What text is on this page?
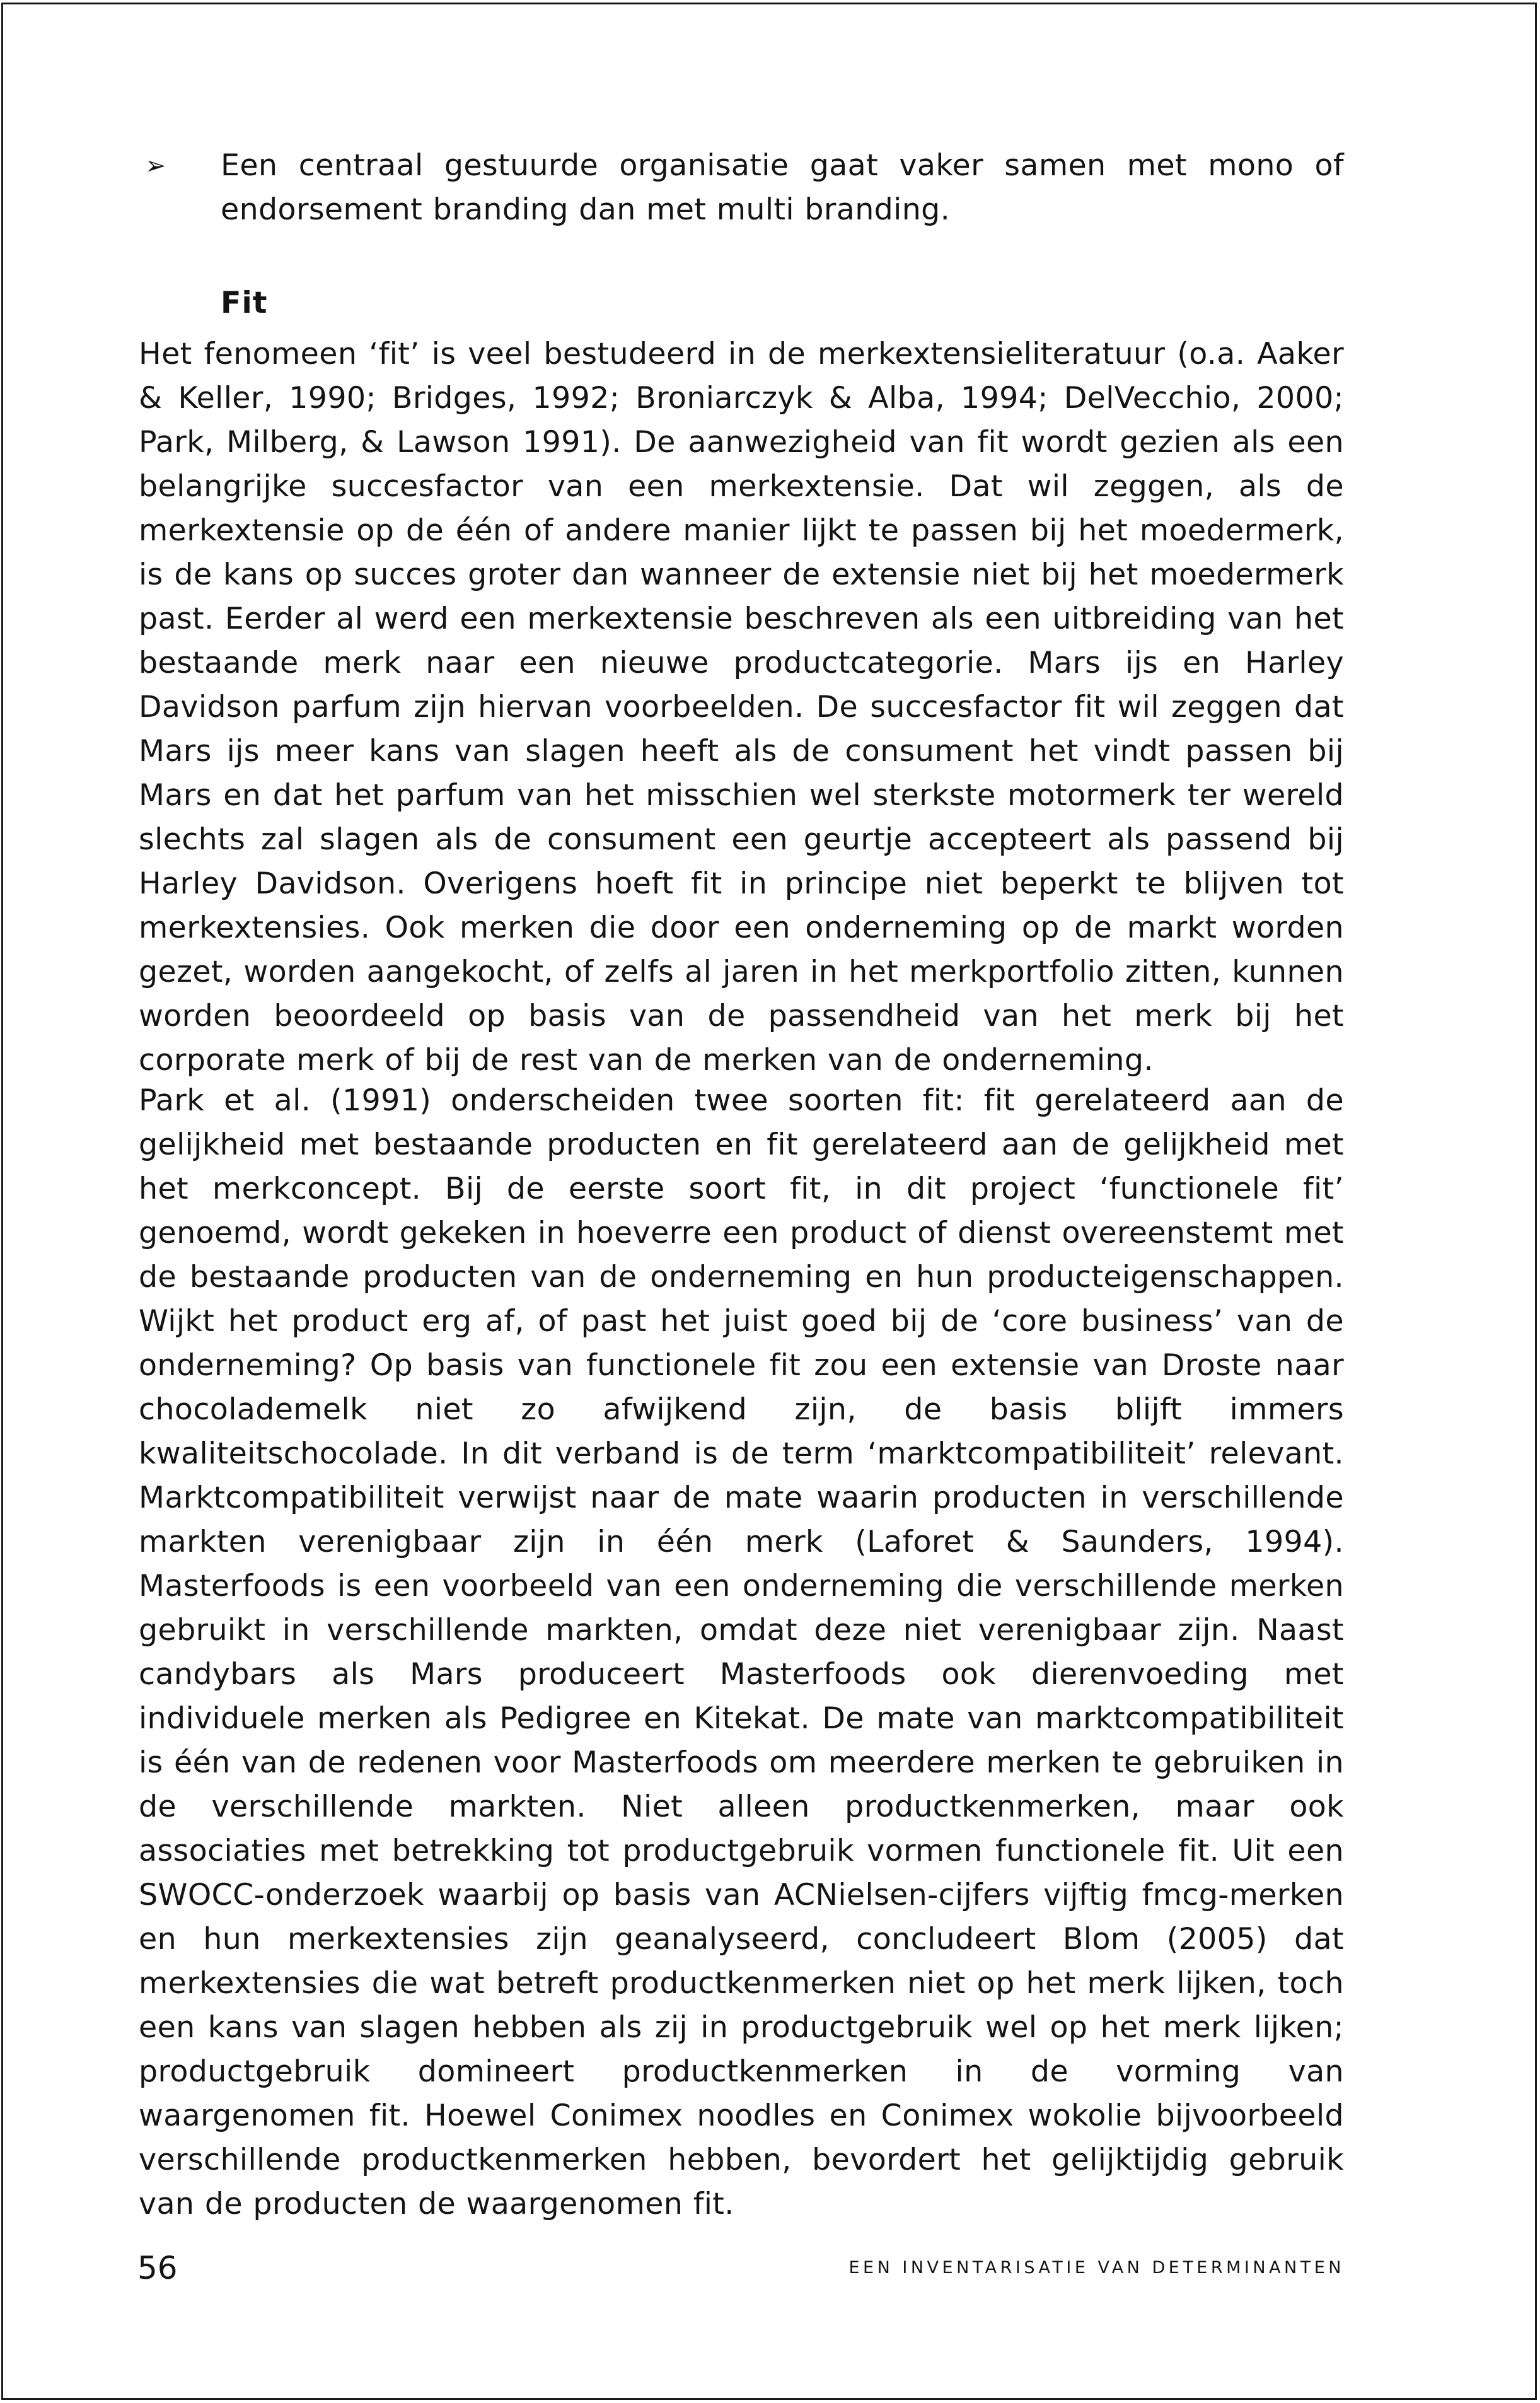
➢ Een centraal gestuurde organisatie gaat vaker samen met mono of endorsement branding dan met multi branding.

Fit

Het fenomeen ‘fit’ is veel bestudeerd in de merkextensieliteratuur (o.a. Aaker & Keller, 1990; Bridges, 1992; Broniarczyk & Alba, 1994; DelVecchio, 2000; Park, Milberg, & Lawson 1991). De aanwezigheid van fit wordt gezien als een belangrijke succesfactor van een merkextensie. Dat wil zeggen, als de merkextensie op de één of andere manier lijkt te passen bij het moedermerk, is de kans op succes groter dan wanneer de extensie niet bij het moedermerk past. Eerder al werd een merkextensie beschreven als een uitbreiding van het bestaande merk naar een nieuwe productcategorie. Mars ijs en Harley Davidson parfum zijn hiervan voorbeelden. De succesfactor fit wil zeggen dat Mars ijs meer kans van slagen heeft als de consument het vindt passen bij Mars en dat het parfum van het misschien wel sterkste motormerk ter wereld slechts zal slagen als de consument een geurtje accepteert als passend bij Harley Davidson. Overigens hoeft fit in principe niet beperkt te blijven tot merkextensies. Ook merken die door een onderneming op de markt worden gezet, worden aangekocht, of zelfs al jaren in het merkportfolio zitten, kunnen worden beoordeeld op basis van de passendheid van het merk bij het corporate merk of bij de rest van de merken van de onderneming.

Park et al. (1991) onderscheiden twee soorten fit: fit gerelateerd aan de gelijkheid met bestaande producten en fit gerelateerd aan de gelijkheid met het merkconcept. Bij de eerste soort fit, in dit project ‘functionele fit’ genoemd, wordt gekeken in hoeverre een product of dienst overeenstemt met de bestaande producten van de onderneming en hun producteigenschappen. Wijkt het product erg af, of past het juist goed bij de ‘core business’ van de onderneming? Op basis van functionele fit zou een extensie van Droste naar chocolademelk niet zo afwijkend zijn, de basis blijft immers kwaliteitschocolade. In dit verband is de term ‘marktcompatibiliteit’ relevant. Marktcompatibiliteit verwijst naar de mate waarin producten in verschillende markten verenigbaar zijn in één merk (Laforet & Saunders, 1994). Masterfoods is een voorbeeld van een onderneming die verschillende merken gebruikt in verschillende markten, omdat deze niet verenigbaar zijn. Naast candybars als Mars produceert Masterfoods ook dierenvoeding met individuele merken als Pedigree en Kitekat. De mate van marktcompatibiliteit is één van de redenen voor Masterfoods om meerdere merken te gebruiken in de verschillende markten. Niet alleen productkenmerken, maar ook associaties met betrekking tot productgebruik vormen functionele fit. Uit een SWOCC-onderzoek waarbij op basis van ACNielsen-cijfers vijftig fmcg-merken en hun merkextensies zijn geanalyseerd, concludeert Blom (2005) dat merkextensies die wat betreft productkenmerken niet op het merk lijken, toch een kans van slagen hebben als zij in productgebruik wel op het merk lijken; productgebruik domineert productkenmerken in de vorming van waargenomen fit. Hoewel Conimex noodles en Conimex wokolie bijvoorbeeld verschillende productkenmerken hebben, bevordert het gelijktijdig gebruik van de producten de waargenomen fit.

56	EEN INVENTARISATIE VAN DETERMINANTEN
